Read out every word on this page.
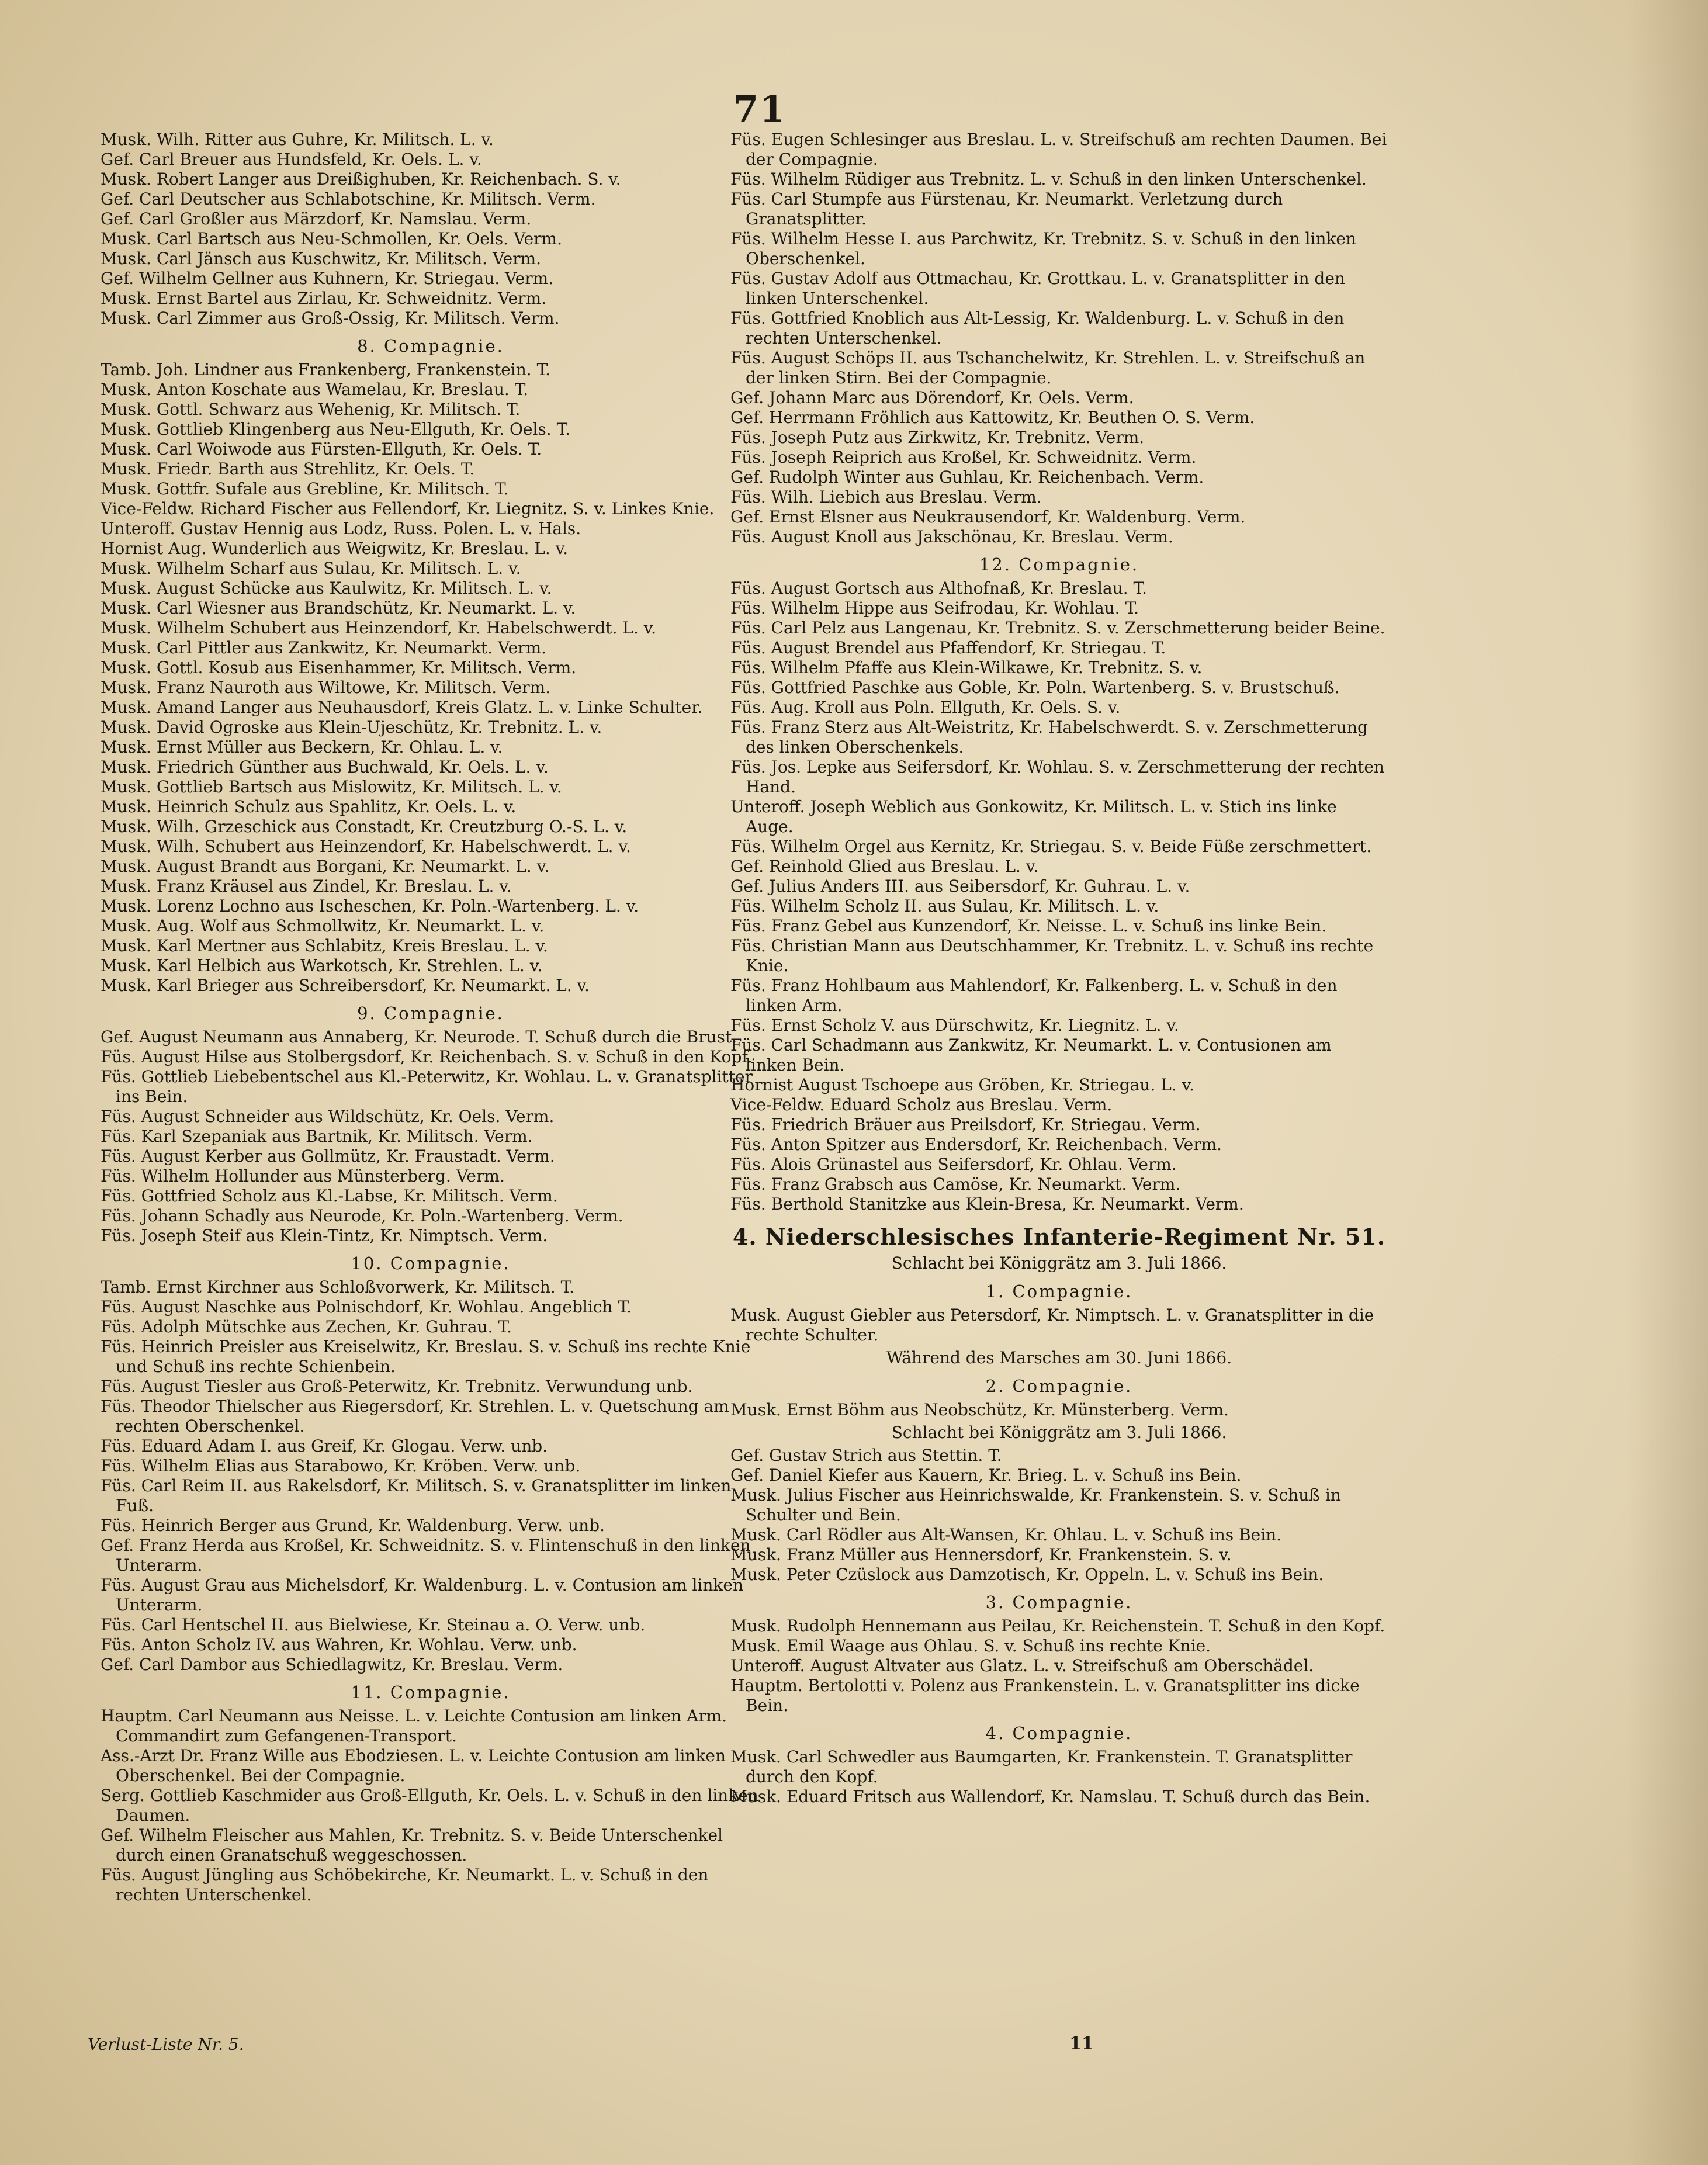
71
Musk. Wilh. Ritter aus Guhre, Kr. Militsch. L. v.
Gef. Carl Breuer aus Hundsfeld, Kr. Oels. L. v.
Musk. Robert Langer aus Dreißighuben, Kr. Reichenbach. S. v.
Gef. Carl Deutscher aus Schlabotschine, Kr. Militsch. Verm.
Gef. Carl Großler aus Märzdorf, Kr. Namslau. Verm.
Musk. Carl Bartsch aus Neu-Schmollen, Kr. Oels. Verm.
Musk. Carl Jänsch aus Kuschwitz, Kr. Militsch. Verm.
Gef. Wilhelm Gellner aus Kuhnern, Kr. Striegau. Verm.
Musk. Ernst Bartel aus Zirlau, Kr. Schweidnitz. Verm.
Musk. Carl Zimmer aus Groß-Ossig, Kr. Militsch. Verm.
8. Compagnie.
Tamb. Joh. Lindner aus Frankenberg, Frankenstein. T.
Musk. Anton Koschate aus Wamelau, Kr. Breslau. T.
Musk. Gottl. Schwarz aus Wehenig, Kr. Militsch. T.
Musk. Gottlieb Klingenberg aus Neu-Ellguth, Kr. Oels. T.
Musk. Carl Woiwode aus Fürsten-Ellguth, Kr. Oels. T.
Musk. Friedr. Barth aus Strehlitz, Kr. Oels. T.
Musk. Gottfr. Sufale aus Grebline, Kr. Militsch. T.
Vice-Feldw. Richard Fischer aus Fellendorf, Kr. Liegnitz. S. v. Linkes Knie.
Unteroff. Gustav Hennig aus Lodz, Russ. Polen. L. v. Hals.
Hornist Aug. Wunderlich aus Weigwitz, Kr. Breslau. L. v.
Musk. Wilhelm Scharf aus Sulau, Kr. Militsch. L. v.
Musk. August Schücke aus Kaulwitz, Kr. Militsch. L. v.
Musk. Carl Wiesner aus Brandschütz, Kr. Neumarkt. L. v.
Musk. Wilhelm Schubert aus Heinzendorf, Kr. Habelschwerdt. L. v.
Musk. Carl Pittler aus Zankwitz, Kr. Neumarkt. Verm.
Musk. Gottl. Kosub aus Eisenhammer, Kr. Militsch. Verm.
Musk. Franz Nauroth aus Wiltowe, Kr. Militsch. Verm.
Musk. Amand Langer aus Neuhausdorf, Kreis Glatz. L. v. Linke Schulter.
Musk. David Ogroske aus Klein-Ujeschütz, Kr. Trebnitz. L. v.
Musk. Ernst Müller aus Beckern, Kr. Ohlau. L. v.
Musk. Friedrich Günther aus Buchwald, Kr. Oels. L. v.
Musk. Gottlieb Bartsch aus Mislowitz, Kr. Militsch. L. v.
Musk. Heinrich Schulz aus Spahlitz, Kr. Oels. L. v.
Musk. Wilh. Grzeschick aus Constadt, Kr. Creutzburg O.-S. L. v.
Musk. Wilh. Schubert aus Heinzendorf, Kr. Habelschwerdt. L. v.
Musk. August Brandt aus Borgani, Kr. Neumarkt. L. v.
Musk. Franz Kräusel aus Zindel, Kr. Breslau. L. v.
Musk. Lorenz Lochno aus Ischeschen, Kr. Poln.-Wartenberg. L. v.
Musk. Aug. Wolf aus Schmollwitz, Kr. Neumarkt. L. v.
Musk. Karl Mertner aus Schlabitz, Kreis Breslau. L. v.
Musk. Karl Helbich aus Warkotsch, Kr. Strehlen. L. v.
Musk. Karl Brieger aus Schreibersdorf, Kr. Neumarkt. L. v.
9. Compagnie.
Gef. August Neumann aus Annaberg, Kr. Neurode. T. Schuß durch die Brust.
Füs. August Hilse aus Stolbergsdorf, Kr. Reichenbach. S. v. Schuß in den Kopf.
Füs. Gottlieb Liebebentschel aus Kl.-Peterwitz, Kr. Wohlau. L. v. Granatsplitter ins Bein.
Füs. August Schneider aus Wildschütz, Kr. Oels. Verm.
Füs. Karl Szepaniak aus Bartnik, Kr. Militsch. Verm.
Füs. August Kerber aus Gollmütz, Kr. Fraustadt. Verm.
Füs. Wilhelm Hollunder aus Münsterberg. Verm.
Füs. Gottfried Scholz aus Kl.-Labse, Kr. Militsch. Verm.
Füs. Johann Schadly aus Neurode, Kr. Poln.-Wartenberg. Verm.
Füs. Joseph Steif aus Klein-Tintz, Kr. Nimptsch. Verm.
10. Compagnie.
Tamb. Ernst Kirchner aus Schloßvorwerk, Kr. Militsch. T.
Füs. August Naschke aus Polnischdorf, Kr. Wohlau. Angeblich T.
Füs. Adolph Mütschke aus Zechen, Kr. Guhrau. T.
Füs. Heinrich Preisler aus Kreiselwitz, Kr. Breslau. S. v. Schuß ins rechte Knie und Schuß ins rechte Schienbein.
Füs. August Tiesler aus Groß-Peterwitz, Kr. Trebnitz. Verwundung unb.
Füs. Theodor Thielscher aus Riegersdorf, Kr. Strehlen. L. v. Quetschung am rechten Oberschenkel.
Füs. Eduard Adam I. aus Greif, Kr. Glogau. Verw. unb.
Füs. Wilhelm Elias aus Starabowo, Kr. Kröben. Verw. unb.
Füs. Carl Reim II. aus Rakelsdorf, Kr. Militsch. S. v. Granatsplitter im linken Fuß.
Füs. Heinrich Berger aus Grund, Kr. Waldenburg. Verw. unb.
Gef. Franz Herda aus Kroßel, Kr. Schweidnitz. S. v. Flintenschuß in den linken Unterarm.
Füs. August Grau aus Michelsdorf, Kr. Waldenburg. L. v. Contusion am linken Unterarm.
Füs. Carl Hentschel II. aus Bielwiese, Kr. Steinau a. O. Verw. unb.
Füs. Anton Scholz IV. aus Wahren, Kr. Wohlau. Verw. unb.
Gef. Carl Dambor aus Schiedlagwitz, Kr. Breslau. Verm.
11. Compagnie.
Hauptm. Carl Neumann aus Neisse. L. v. Leichte Contusion am linken Arm. Commandirt zum Gefangenen-Transport.
Ass.-Arzt Dr. Franz Wille aus Ebodziesen. L. v. Leichte Contusion am linken Oberschenkel. Bei der Compagnie.
Serg. Gottlieb Kaschmider aus Groß-Ellguth, Kr. Oels. L. v. Schuß in den linken Daumen.
Gef. Wilhelm Fleischer aus Mahlen, Kr. Trebnitz. S. v. Beide Unterschenkel durch einen Granatschuß weggeschossen.
Füs. August Jüngling aus Schöbekirche, Kr. Neumarkt. L. v. Schuß in den rechten Unterschenkel.
Füs. Eugen Schlesinger aus Breslau. L. v. Streifschuß am rechten Daumen. Bei der Compagnie.
Füs. Wilhelm Rüdiger aus Trebnitz. L. v. Schuß in den linken Unterschenkel.
Füs. Carl Stumpfe aus Fürstenau, Kr. Neumarkt. Verletzung durch Granatsplitter.
Füs. Wilhelm Hesse I. aus Parchwitz, Kr. Trebnitz. S. v. Schuß in den linken Oberschenkel.
Füs. Gustav Adolf aus Ottmachau, Kr. Grottkau. L. v. Granatsplitter in den linken Unterschenkel.
Füs. Gottfried Knoblich aus Alt-Lessig, Kr. Waldenburg. L. v. Schuß in den rechten Unterschenkel.
Füs. August Schöps II. aus Tschanchelwitz, Kr. Strehlen. L. v. Streifschuß an der linken Stirn. Bei der Compagnie.
Gef. Johann Marc aus Dörendorf, Kr. Oels. Verm.
Gef. Herrmann Fröhlich aus Kattowitz, Kr. Beuthen O. S. Verm.
Füs. Joseph Putz aus Zirkwitz, Kr. Trebnitz. Verm.
Füs. Joseph Reiprich aus Kroßel, Kr. Schweidnitz. Verm.
Gef. Rudolph Winter aus Guhlau, Kr. Reichenbach. Verm.
Füs. Wilh. Liebich aus Breslau. Verm.
Gef. Ernst Elsner aus Neukrausendorf, Kr. Waldenburg. Verm.
Füs. August Knoll aus Jakschönau, Kr. Breslau. Verm.
12. Compagnie.
Füs. August Gortsch aus Althofnaß, Kr. Breslau. T.
Füs. Wilhelm Hippe aus Seifrodau, Kr. Wohlau. T.
Füs. Carl Pelz aus Langenau, Kr. Trebnitz. S. v. Zerschmetterung beider Beine.
Füs. August Brendel aus Pfaffendorf, Kr. Striegau. T.
Füs. Wilhelm Pfaffe aus Klein-Wilkawe, Kr. Trebnitz. S. v.
Füs. Gottfried Paschke aus Goble, Kr. Poln. Wartenberg. S. v. Brustschuß.
Füs. Aug. Kroll aus Poln. Ellguth, Kr. Oels. S. v.
Füs. Franz Sterz aus Alt-Weistritz, Kr. Habelschwerdt. S. v. Zerschmetterung des linken Oberschenkels.
Füs. Jos. Lepke aus Seifersdorf, Kr. Wohlau. S. v. Zerschmetterung der rechten Hand.
Unteroff. Joseph Weblich aus Gonkowitz, Kr. Militsch. L. v. Stich ins linke Auge.
Füs. Wilhelm Orgel aus Kernitz, Kr. Striegau. S. v. Beide Füße zerschmettert.
Gef. Reinhold Glied aus Breslau. L. v.
Gef. Julius Anders III. aus Seibersdorf, Kr. Guhrau. L. v.
Füs. Wilhelm Scholz II. aus Sulau, Kr. Militsch. L. v.
Füs. Franz Gebel aus Kunzendorf, Kr. Neisse. L. v. Schuß ins linke Bein.
Füs. Christian Mann aus Deutschhammer, Kr. Trebnitz. L. v. Schuß ins rechte Knie.
Füs. Franz Hohlbaum aus Mahlendorf, Kr. Falkenberg. L. v. Schuß in den linken Arm.
Füs. Ernst Scholz V. aus Dürschwitz, Kr. Liegnitz. L. v.
Füs. Carl Schadmann aus Zankwitz, Kr. Neumarkt. L. v. Contusionen am linken Bein.
Hornist August Tschoepe aus Gröben, Kr. Striegau. L. v.
Vice-Feldw. Eduard Scholz aus Breslau. Verm.
Füs. Friedrich Bräuer aus Preilsdorf, Kr. Striegau. Verm.
Füs. Anton Spitzer aus Endersdorf, Kr. Reichenbach. Verm.
Füs. Alois Grünastel aus Seifersdorf, Kr. Ohlau. Verm.
Füs. Franz Grabsch aus Camöse, Kr. Neumarkt. Verm.
Füs. Berthold Stanitzke aus Klein-Bresa, Kr. Neumarkt. Verm.
4. Niederschlesisches Infanterie-Regiment Nr. 51.
Schlacht bei Königgrätz am 3. Juli 1866.
1. Compagnie.
Musk. August Giebler aus Petersdorf, Kr. Nimptsch. L. v. Granatsplitter in die rechte Schulter.
Während des Marsches am 30. Juni 1866.
2. Compagnie.
Musk. Ernst Böhm aus Neobschütz, Kr. Münsterberg. Verm.
Schlacht bei Königgrätz am 3. Juli 1866.
Gef. Gustav Strich aus Stettin. T.
Gef. Daniel Kiefer aus Kauern, Kr. Brieg. L. v. Schuß ins Bein.
Musk. Julius Fischer aus Heinrichswalde, Kr. Frankenstein. S. v. Schuß in Schulter und Bein.
Musk. Carl Rödler aus Alt-Wansen, Kr. Ohlau. L. v. Schuß ins Bein.
Musk. Franz Müller aus Hennersdorf, Kr. Frankenstein. S. v.
Musk. Peter Czüslock aus Damzotisch, Kr. Oppeln. L. v. Schuß ins Bein.
3. Compagnie.
Musk. Rudolph Hennemann aus Peilau, Kr. Reichenstein. T. Schuß in den Kopf.
Musk. Emil Waage aus Ohlau. S. v. Schuß ins rechte Knie.
Unteroff. August Altvater aus Glatz. L. v. Streifschuß am Oberschädel.
Hauptm. Bertolotti v. Polenz aus Frankenstein. L. v. Granatsplitter ins dicke Bein.
4. Compagnie.
Musk. Carl Schwedler aus Baumgarten, Kr. Frankenstein. T. Granatsplitter durch den Kopf.
Musk. Eduard Fritsch aus Wallendorf, Kr. Namslau. T. Schuß durch das Bein.
Verlust-Liste Nr. 5.	11
